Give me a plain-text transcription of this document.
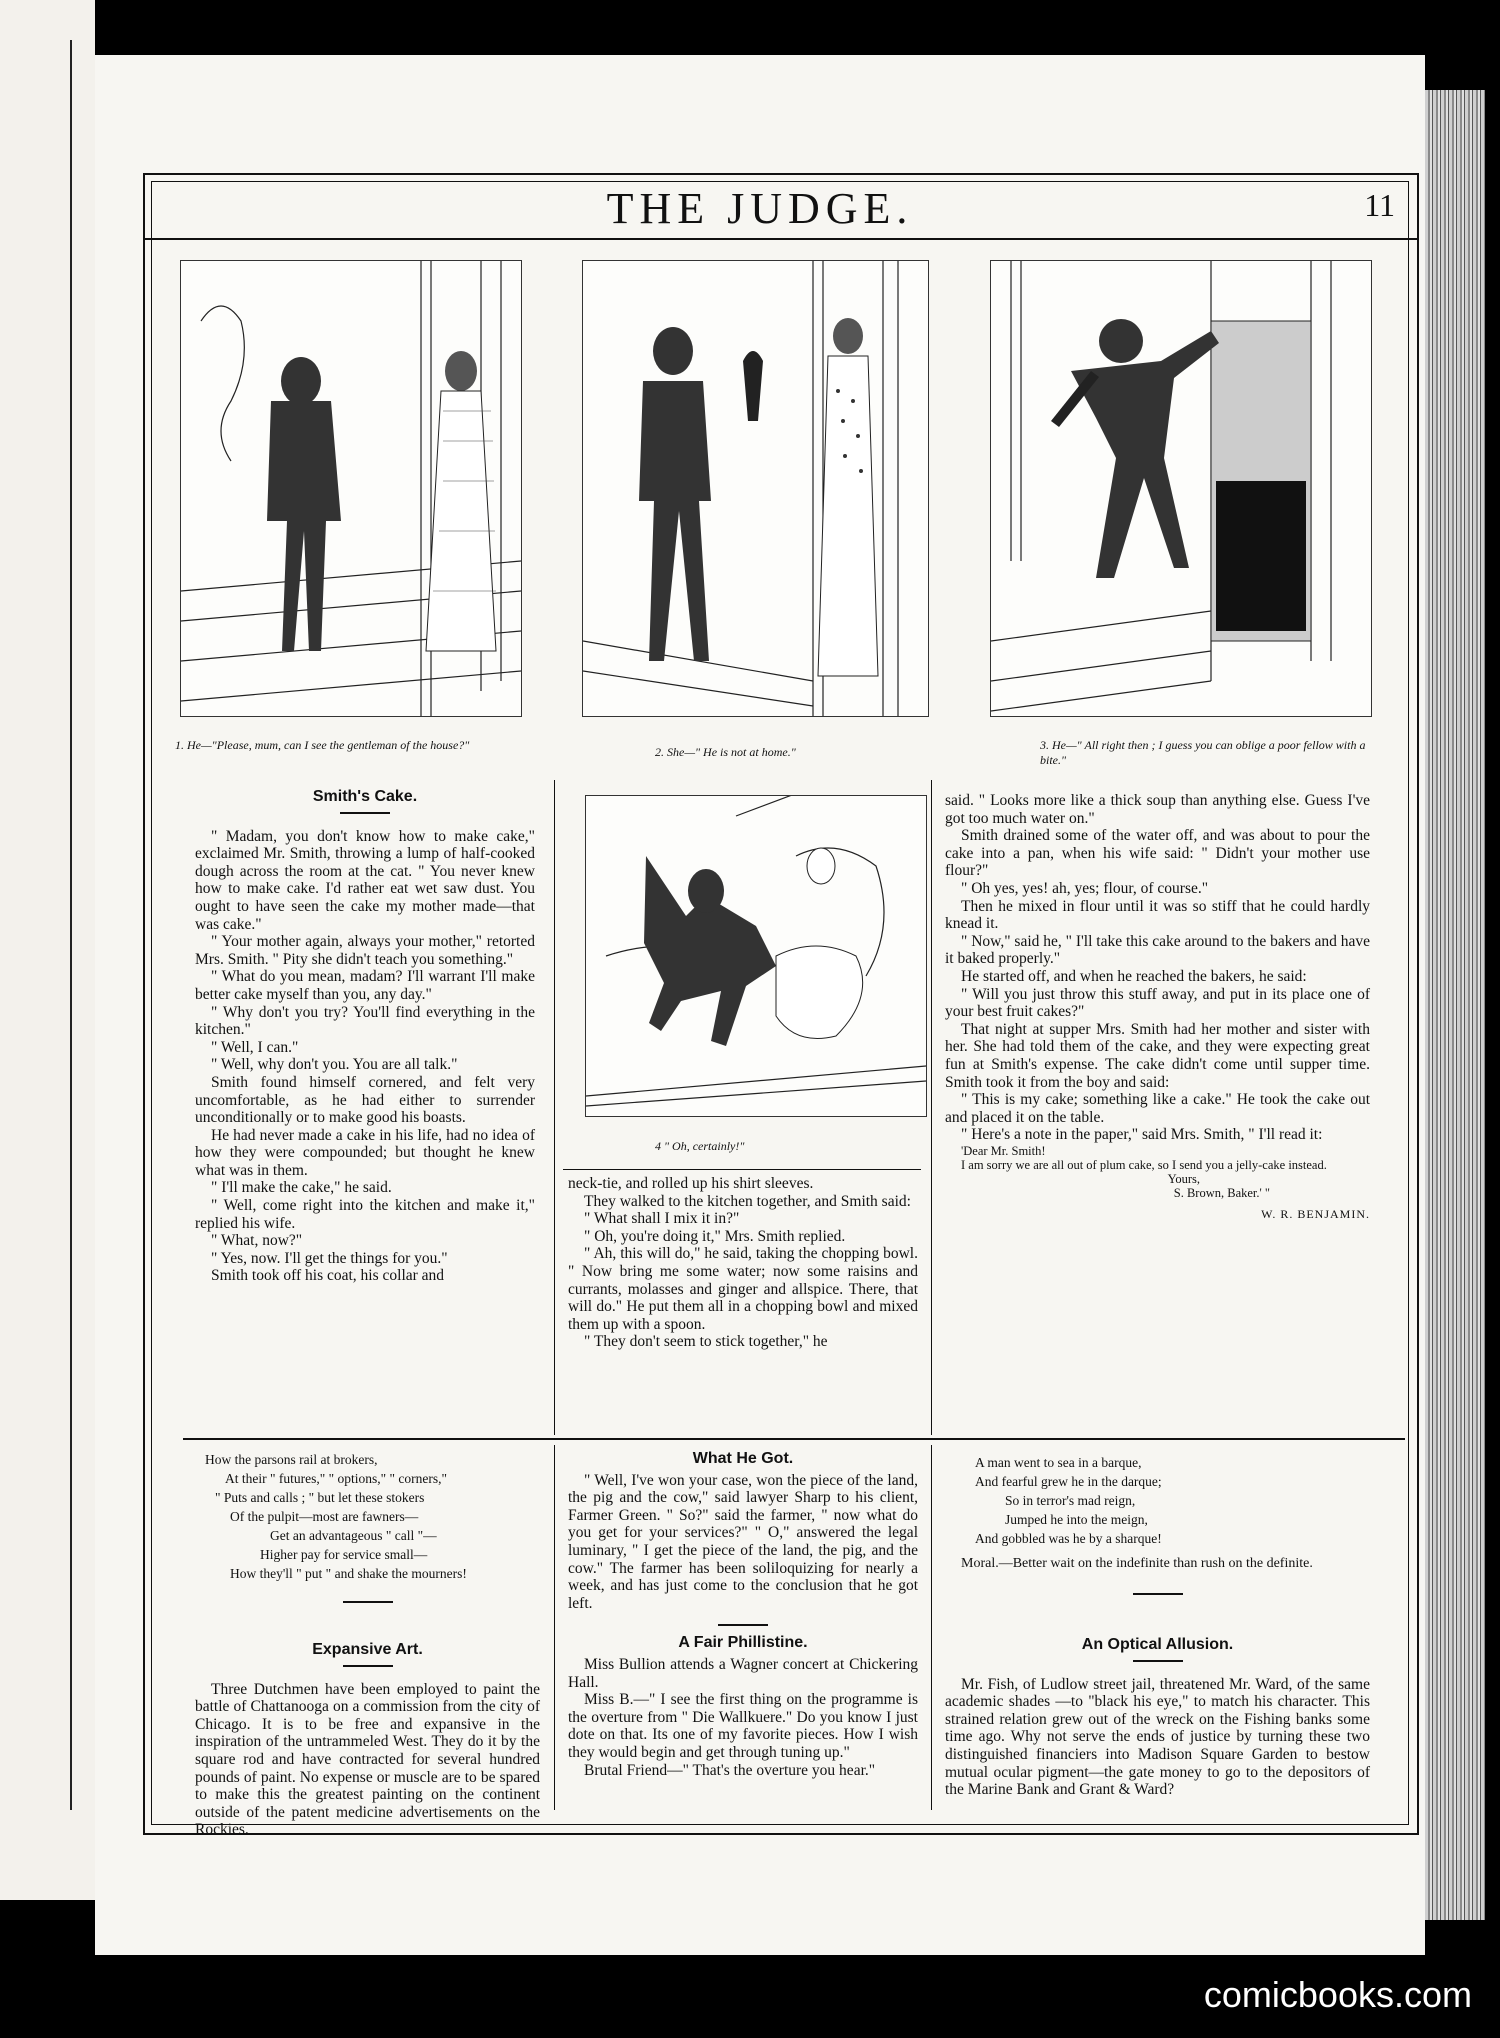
THE JUDGE.	11
1. He—"Please, mum, can I see the gentleman of the house?"	2. She—" He is not at home."	3. He—" All right then ; I guess you can oblige a poor fellow with a bite."
Smith's Cake.

" Madam, you don't know how to make cake," exclaimed Mr. Smith, throwing a lump of half-cooked dough across the room at the cat. " You never knew how to make cake. I'd rather eat wet saw dust. You ought to have seen the cake my mother made—that was cake."

" Your mother again, always your mother," retorted Mrs. Smith. " Pity she didn't teach you something."

" What do you mean, madam? I'll warrant I'll make better cake myself than you, any day."

" Why don't you try? You'll find everything in the kitchen."

" Well, I can."

" Well, why don't you. You are all talk."

Smith found himself cornered, and felt very uncomfortable, as he had either to surrender unconditionally or to make good his boasts.

He had never made a cake in his life, had no idea of how they were compounded; but thought he knew what was in them.

" I'll make the cake," he said.

" Well, come right into the kitchen and make it," replied his wife.

" What, now?"

" Yes, now. I'll get the things for you."

Smith took off his coat, his collar and

4 " Oh, certainly!"

neck-tie, and rolled up his shirt sleeves.

They walked to the kitchen together, and Smith said:

" What shall I mix it in?"

" Oh, you're doing it," Mrs. Smith replied.

" Ah, this will do," he said, taking the chopping bowl. " Now bring me some water; now some raisins and currants, molasses and ginger and allspice. There, that will do." He put them all in a chopping bowl and mixed them up with a spoon.

" They don't seem to stick together," he

said. " Looks more like a thick soup than anything else. Guess I've got too much water on."

Smith drained some of the water off, and was about to pour the cake into a pan, when his wife said: " Didn't your mother use flour?"

" Oh yes, yes! ah, yes; flour, of course."

Then he mixed in flour until it was so stiff that he could hardly knead it.

" Now," said he, " I'll take this cake around to the bakers and have it baked properly."

He started off, and when he reached the bakers, he said:

" Will you just throw this stuff away, and put in its place one of your best fruit cakes?"

That night at supper Mrs. Smith had her mother and sister with her. She had told them of the cake, and they were expecting great fun at Smith's expense. The cake didn't come until supper time. Smith took it from the boy and said:

" This is my cake; something like a cake." He took the cake out and placed it on the table.

" Here's a note in the paper," said Mrs. Smith, " I'll read it:

'Dear Mr. Smith!

I am sorry we are all out of plum cake, so I send you a jelly-cake instead.

Yours,

S. Brown, Baker.' "

W. R. BENJAMIN.
How the parsons rail at brokers,
At their " futures," " options," " corners,"
" Puts and calls ; " but let these stokers
Of the pulpit—most are fawners—
Get an advantageous " call "—
Higher pay for service small—
How they'll " put " and shake the mourners!
Expansive Art.

Three Dutchmen have been employed to paint the battle of Chattanooga on a commission from the city of Chicago. It is to be free and expansive in the inspiration of the untrammeled West. They do it by the square rod and have contracted for several hundred pounds of paint. No expense or muscle are to be spared to make this the greatest painting on the continent outside of the patent medicine advertisements on the Rockies.

What He Got.

" Well, I've won your case, won the piece of the land, the pig and the cow," said lawyer Sharp to his client, Farmer Green. " So?" said the farmer, " now what do you get for your services?" " O," answered the legal luminary, " I get the piece of the land, the pig, and the cow." The farmer has been soliloquizing for nearly a week, and has just come to the conclusion that he got left.

A Fair Phillistine.

Miss Bullion attends a Wagner concert at Chickering Hall.

Miss B.—" I see the first thing on the programme is the overture from " Die Wallkuere." Do you know I just dote on that. Its one of my favorite pieces. How I wish they would begin and get through tuning up."

Brutal Friend—" That's the overture you hear."

A man went to sea in a barque,
And fearful grew he in the darque;
So in terror's mad reign,
Jumped he into the meign,
And gobbled was he by a sharque!

Moral.—Better wait on the indefinite than rush on the definite.

An Optical Allusion.

Mr. Fish, of Ludlow street jail, threatened Mr. Ward, of the same academic shades —to "black his eye," to match his character. This strained relation grew out of the wreck on the Fishing banks some time ago. Why not serve the ends of justice by turning these two distinguished financiers into Madison Square Garden to bestow mutual ocular pigment—the gate money to go to the depositors of the Marine Bank and Grant & Ward?

comicbooks.com
